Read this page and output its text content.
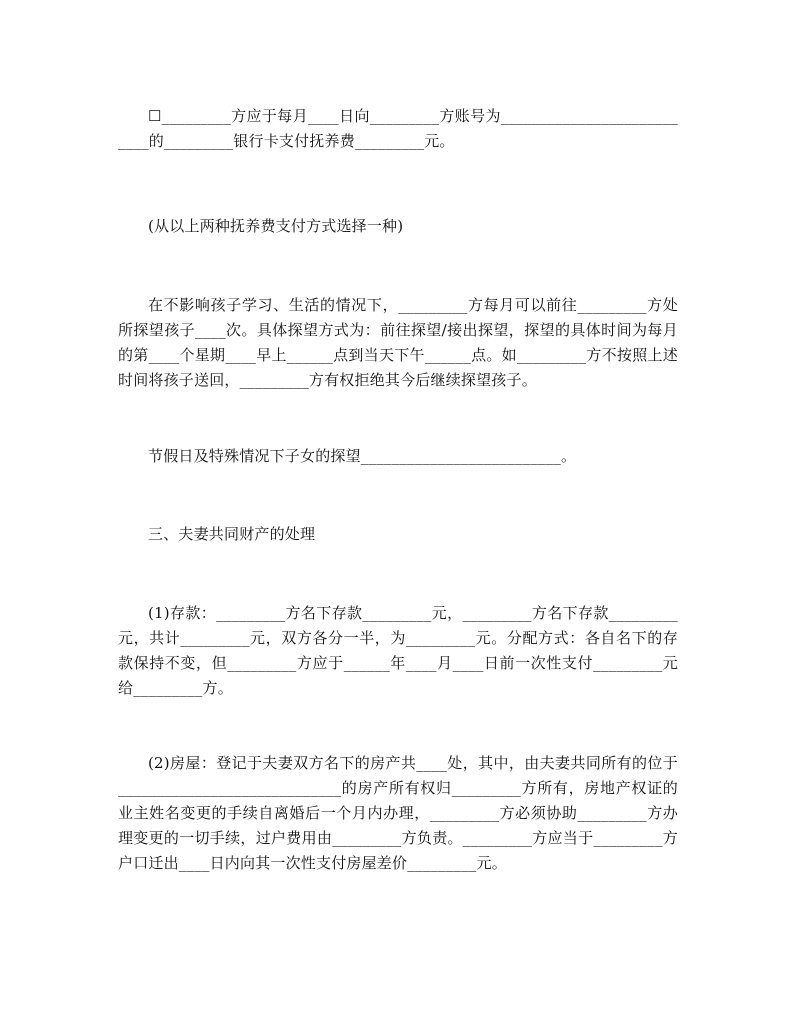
☐_________方应于每月____日向_________方账号为___________________________的_________银行卡支付抚养费_________元。

(从以上两种抚养费支付方式选择一种)

在不影响孩子学习、生活的情况下，_________方每月可以前往_________方处所探望孩子____次。具体探望方式为：前往探望/接出探望，探望的具体时间为每月的第____个星期____早上______点到当天下午______点。如_________方不按照上述时间将孩子送回，_________方有权拒绝其今后继续探望孩子。

节假日及特殊情况下子女的探望__________________________。

三、夫妻共同财产的处理

(1)存款：_________方名下存款_________元，_________方名下存款_________元，共计_________元，双方各分一半，为_________元。分配方式：各自名下的存款保持不变，但_________方应于______年____月____日前一次性支付_________元给_________方。

(2)房屋：登记于夫妻双方名下的房产共____处，其中，由夫妻共同所有的位于_____________________________的房产所有权归_________方所有，房地产权证的业主姓名变更的手续自离婚后一个月内办理，_________方必须协助_________方办理变更的一切手续，过户费用由_________方负责。_________方应当于_________方户口迁出____日内向其一次性支付房屋差价_________元。
